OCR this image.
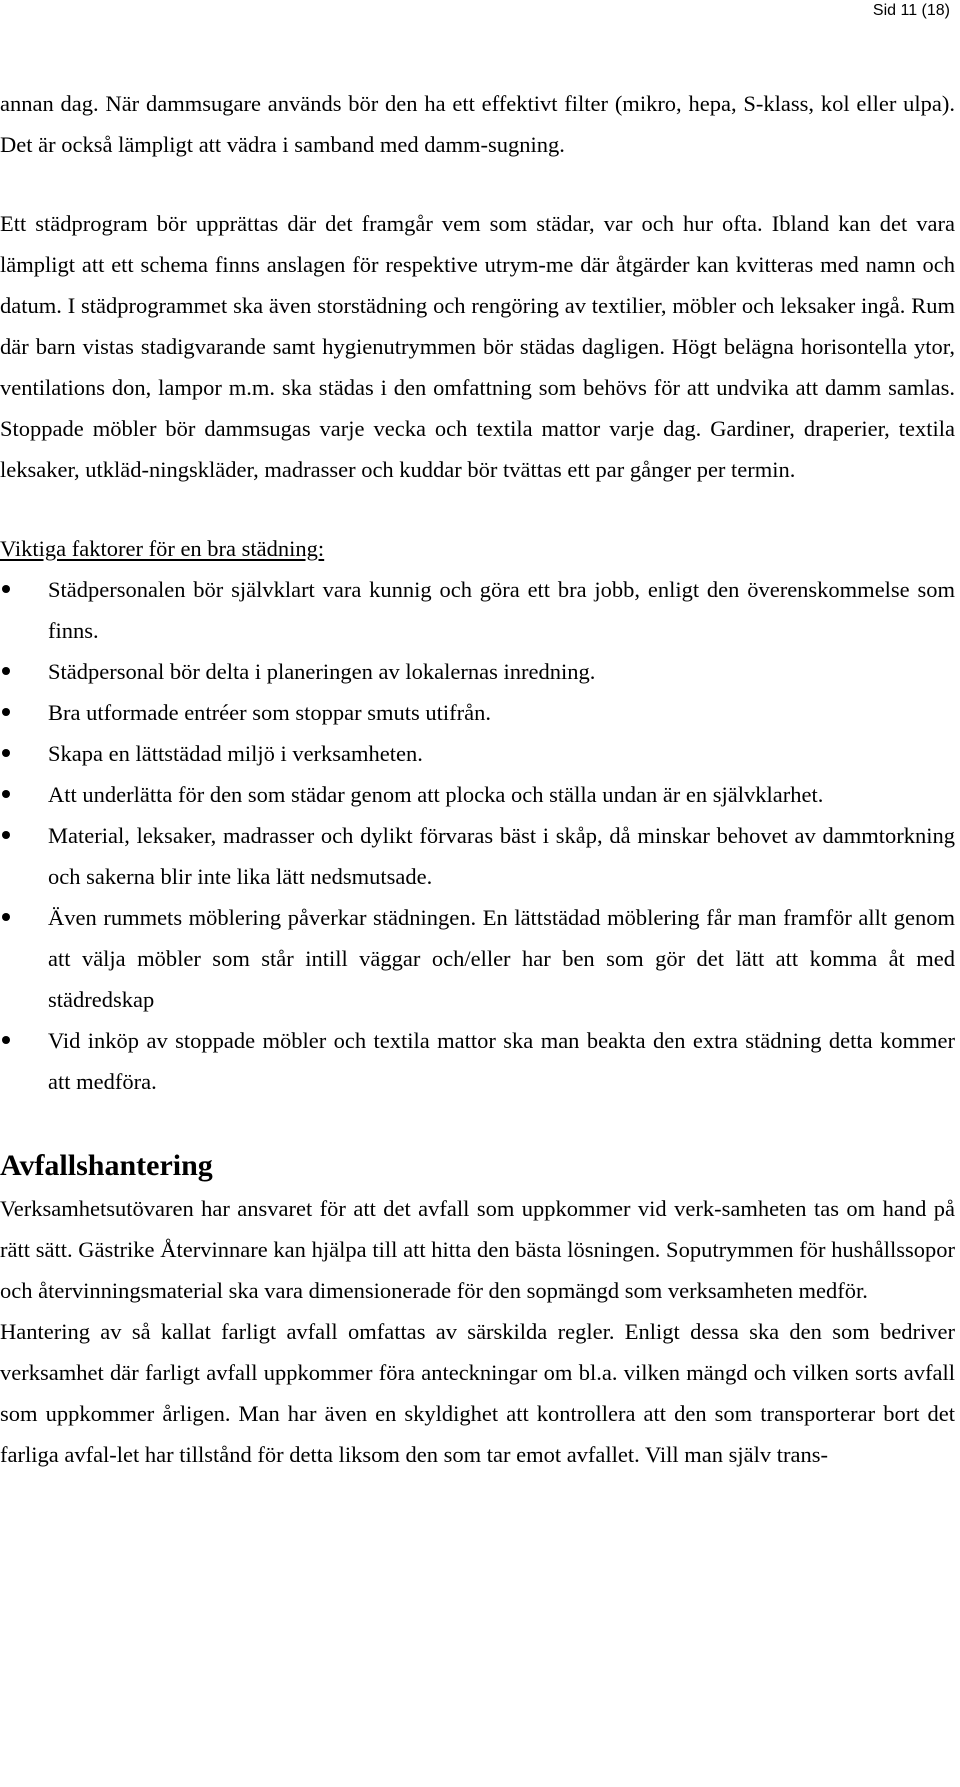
Sid 11 (18)

annan dag. När dammsugare används bör den ha ett effektivt filter (mikro, hepa, S-klass, kol eller ulpa). Det är också lämpligt att vädra i samband med damm-sugning.

Ett städprogram bör upprättas där det framgår vem som städar, var och hur ofta. Ibland kan det vara lämpligt att ett schema finns anslagen för respektive utrym-me där åtgärder kan kvitteras med namn och datum. I städprogrammet ska även storstädning och rengöring av textilier, möbler och leksaker ingå. Rum där barn vistas stadigvarande samt hygienutrymmen bör städas dagligen. Högt belägna horisontella ytor, ventilations don, lampor m.m. ska städas i den omfattning som behövs för att undvika att damm samlas. Stoppade möbler bör dammsugas varje vecka och textila mattor varje dag. Gardiner, draperier, textila leksaker, utkläd-ningskläder, madrasser och kuddar bör tvättas ett par gånger per termin.

Viktiga faktorer för en bra städning:

Städpersonalen bör självklart vara kunnig och göra ett bra jobb, enligt den överenskommelse som finns.
Städpersonal bör delta i planeringen av lokalernas inredning.
Bra utformade entréer som stoppar smuts utifrån.
Skapa en lättstädad miljö i verksamheten.
Att underlätta för den som städar genom att plocka och ställa undan är en självklarhet.
Material, leksaker, madrasser och dylikt förvaras bäst i skåp, då minskar behovet av dammtorkning och sakerna blir inte lika lätt nedsmutsade.
Även rummets möblering påverkar städningen. En lättstädad möblering får man framför allt genom att välja möbler som står intill väggar och/eller har ben som gör det lätt att komma åt med städredskap
Vid inköp av stoppade möbler och textila mattor ska man beakta den extra städning detta kommer att medföra.
Avfallshantering

Verksamhetsutövaren har ansvaret för att det avfall som uppkommer vid verk-samheten tas om hand på rätt sätt. Gästrike Återvinnare kan hjälpa till att hitta den bästa lösningen. Soputrymmen för hushållssopor och återvinningsmaterial ska vara dimensionerade för den sopmängd som verksamheten medför.

Hantering av så kallat farligt avfall omfattas av särskilda regler. Enligt dessa ska den som bedriver verksamhet där farligt avfall uppkommer föra anteckningar om bl.a. vilken mängd och vilken sorts avfall som uppkommer årligen. Man har även en skyldighet att kontrollera att den som transporterar bort det farliga avfal-let har tillstånd för detta liksom den som tar emot avfallet. Vill man själv trans-
